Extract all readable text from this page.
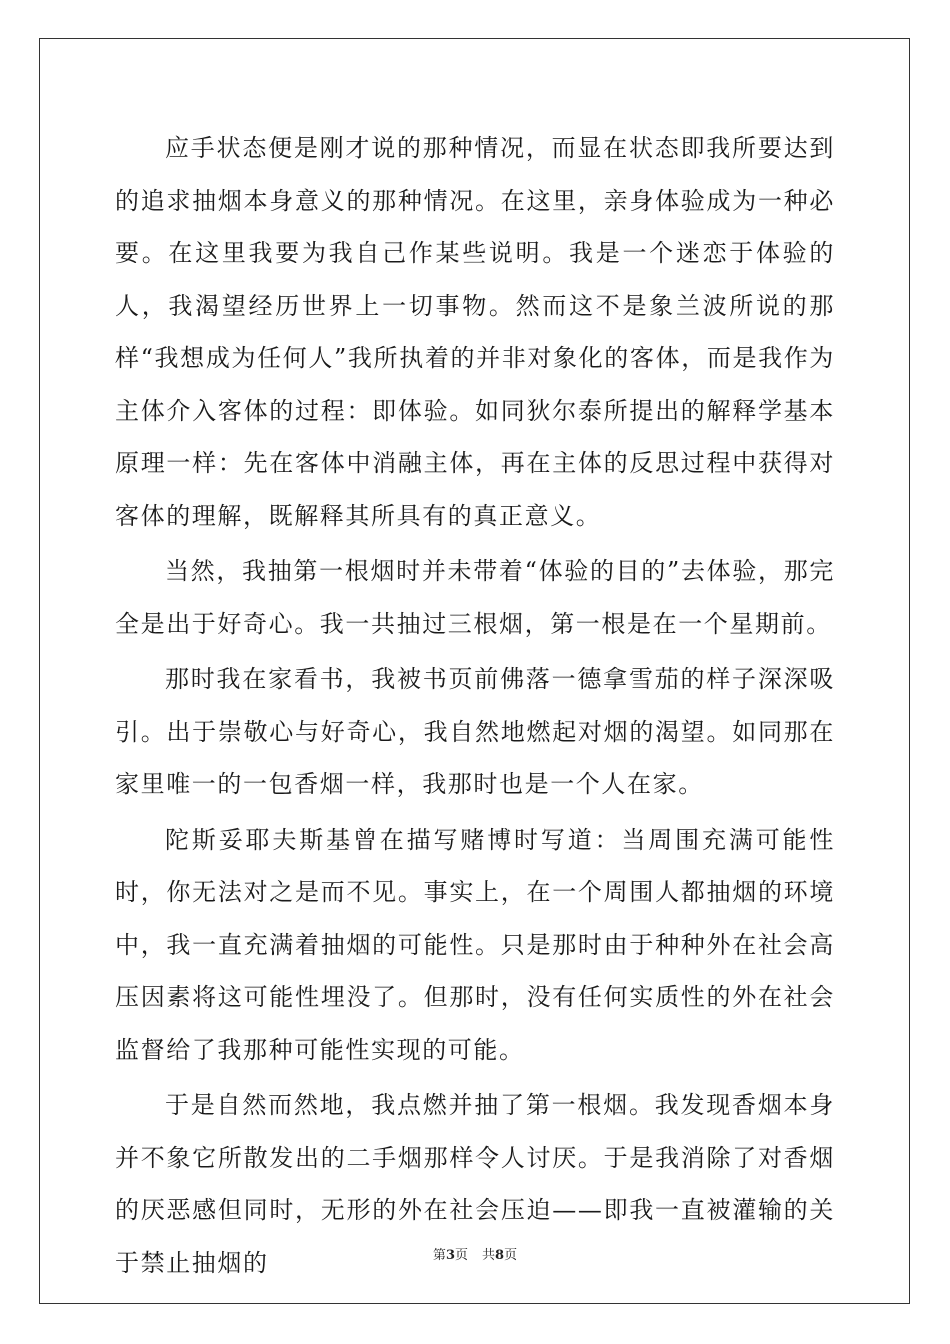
应手状态便是刚才说的那种情况，而显在状态即我所要达到的追求抽烟本身意义的那种情况。在这里，亲身体验成为一种必要。在这里我要为我自己作某些说明。我是一个迷恋于体验的人，我渴望经历世界上一切事物。然而这不是象兰波所说的那样“我想成为任何人”我所执着的并非对象化的客体，而是我作为主体介入客体的过程：即体验。如同狄尔泰所提出的解释学基本原理一样：先在客体中消融主体，再在主体的反思过程中获得对客体的理解，既解释其所具有的真正意义。

当然，我抽第一根烟时并未带着“体验的目的”去体验，那完全是出于好奇心。我一共抽过三根烟，第一根是在一个星期前。

那时我在家看书，我被书页前佛落一德拿雪茄的样子深深吸引。出于崇敬心与好奇心，我自然地燃起对烟的渴望。如同那在家里唯一的一包香烟一样，我那时也是一个人在家。

陀斯妥耶夫斯基曾在描写赌博时写道：当周围充满可能性时，你无法对之是而不见。事实上，在一个周围人都抽烟的环境中，我一直充满着抽烟的可能性。只是那时由于种种外在社会高压因素将这可能性埋没了。但那时，没有任何实质性的外在社会监督给了我那种可能性实现的可能。

于是自然而然地，我点燃并抽了第一根烟。我发现香烟本身并不象它所散发出的二手烟那样令人讨厌。于是我消除了对香烟的厌恶感但同时，无形的外在社会压迫——即我一直被灌输的关于禁止抽烟的	第3页 共8页
